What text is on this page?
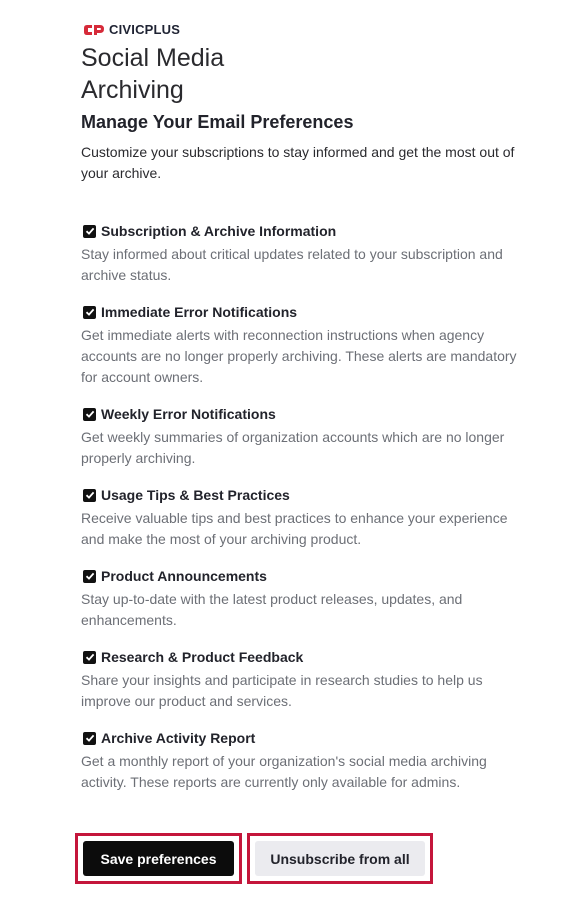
CIVICPLUS
Social Media
Archiving
Manage Your Email Preferences
Customize your subscriptions to stay informed and get the most out of your archive.
Subscription & Archive Information
Stay informed about critical updates related to your subscription and archive status.
Immediate Error Notifications
Get immediate alerts with reconnection instructions when agency accounts are no longer properly archiving. These alerts are mandatory for account owners.
Weekly Error Notifications
Get weekly summaries of organization accounts which are no longer properly archiving.
Usage Tips & Best Practices
Receive valuable tips and best practices to enhance your experience and make the most of your archiving product.
Product Announcements
Stay up-to-date with the latest product releases, updates, and enhancements.
Research & Product Feedback
Share your insights and participate in research studies to help us improve our product and services.
Archive Activity Report
Get a monthly report of your organization's social media archiving activity. These reports are currently only available for admins.
Save preferences	Unsubscribe from all
